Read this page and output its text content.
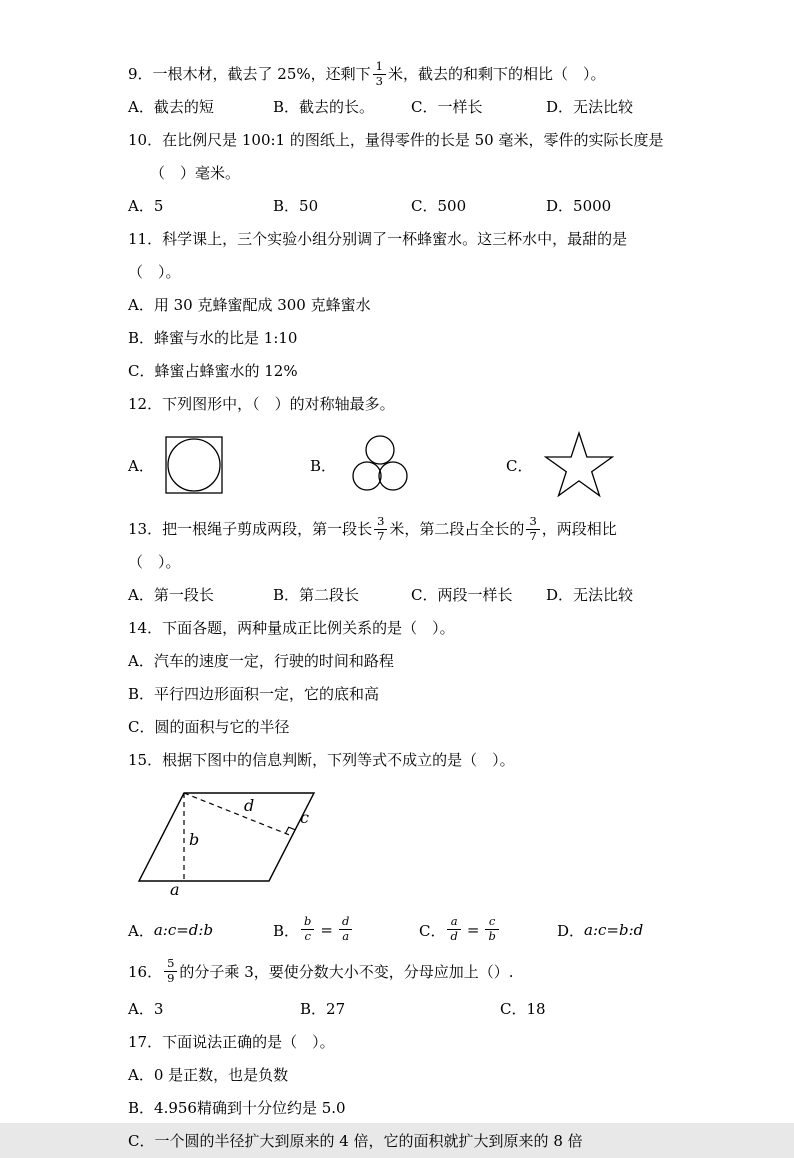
9．一根木材，截去了 25%，还剩下 $\frac{1}{3}$ 米，截去的和剩下的相比（　）。
A．截去的短	B．截去的长。	C．一样长	D．无法比较
10．在比例尺是 100:1 的图纸上，量得零件的长是 50 毫米，零件的实际长度是
（　）毫米。
A．5	B．50	C．500	D．5000
11．科学课上，三个实验小组分别调了一杯蜂蜜水。这三杯水中，最甜的是（　）。
A．用 30 克蜂蜜配成 300 克蜂蜜水
B．蜂蜜与水的比是 1:10
C．蜂蜜占蜂蜜水的 12%
12．下列图形中，（　）的对称轴最多。
A．	B．	C．
13．把一根绳子剪成两段，第一段长 $\frac{3}{7}$ 米，第二段占全长的 $\frac{3}{7}$ ，两段相比（　）。
A．第一段长	B．第二段长	C．两段一样长	D．无法比较
14．下面各题，两种量成正比例关系的是（　）。
A．汽车的速度一定，行驶的时间和路程
B．平行四边形面积一定，它的底和高
C．圆的面积与它的半径
15．根据下图中的信息判断，下列等式不成立的是（　）。
b
a
d
c
A． a:c=d:b	B． $\frac{b}{c} = \frac{d}{a}$	C． $\frac{a}{d} = \frac{c}{b}$	D． a:c=b:d
16． $\frac{5}{9}$ 的分子乘 3，要使分数大小不变，分母应加上（）.
A．3	B．27	C．18
17．下面说法正确的是（　）。
A．0 是正数，也是负数
B．4.956精确到十分位约是 5.0
C．一个圆的半径扩大到原来的 4 倍，它的面积就扩大到原来的 8 倍
